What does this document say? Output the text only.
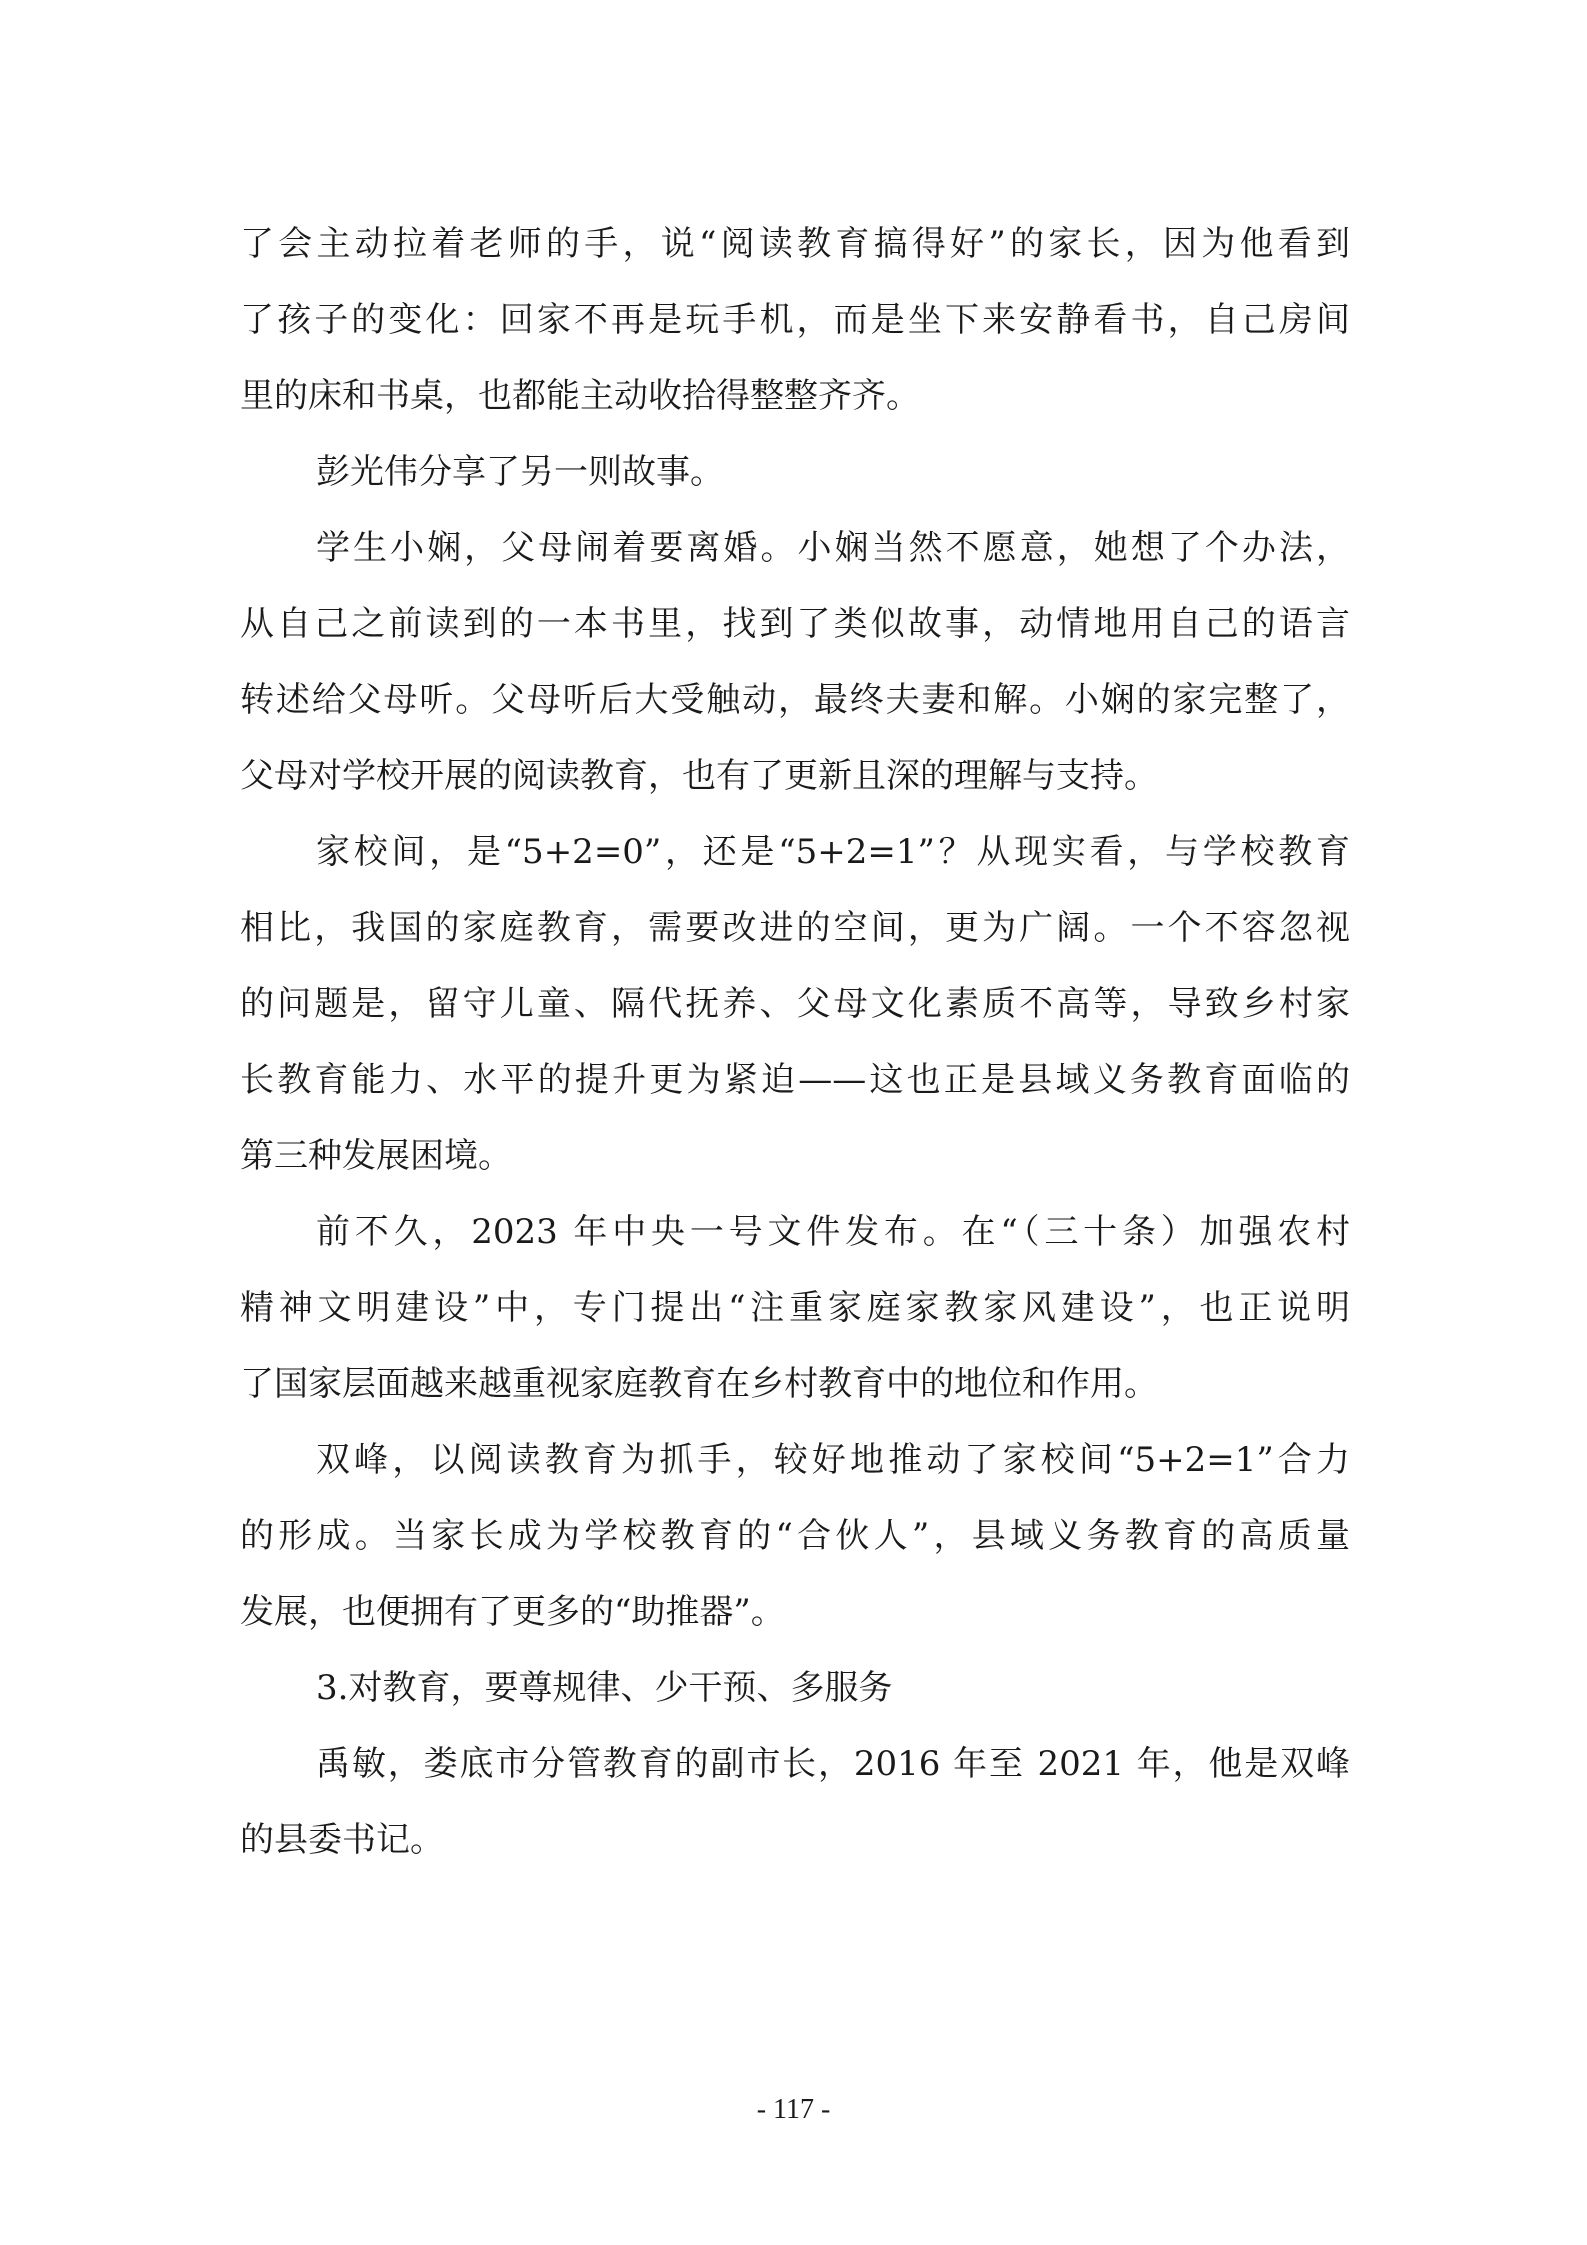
了会主动拉着老师的手，说“阅读教育搞得好”的家长，因为他看到

了孩子的变化：回家不再是玩手机，而是坐下来安静看书，自己房间

里的床和书桌，也都能主动收拾得整整齐齐。

彭光伟分享了另一则故事。

学生小娴，父母闹着要离婚。小娴当然不愿意，她想了个办法，

从自己之前读到的一本书里，找到了类似故事，动情地用自己的语言

转述给父母听。父母听后大受触动，最终夫妻和解。小娴的家完整了，

父母对学校开展的阅读教育，也有了更新且深的理解与支持。

家校间，是“5+2=0”，还是“5+2=1”？从现实看，与学校教育

相比，我国的家庭教育，需要改进的空间，更为广阔。一个不容忽视

的问题是，留守儿童、隔代抚养、父母文化素质不高等，导致乡村家

长教育能力、水平的提升更为紧迫——这也正是县域义务教育面临的

第三种发展困境。

前不久，2023 年中央一号文件发布。在“（三十条）加强农村

精神文明建设”中，专门提出“注重家庭家教家风建设”，也正说明

了国家层面越来越重视家庭教育在乡村教育中的地位和作用。

双峰，以阅读教育为抓手，较好地推动了家校间“5+2=1”合力

的形成。当家长成为学校教育的“合伙人”，县域义务教育的高质量

发展，也便拥有了更多的“助推器”。

3.对教育，要尊规律、少干预、多服务

禹敏，娄底市分管教育的副市长，2016 年至 2021 年，他是双峰

的县委书记。

- 117 -
